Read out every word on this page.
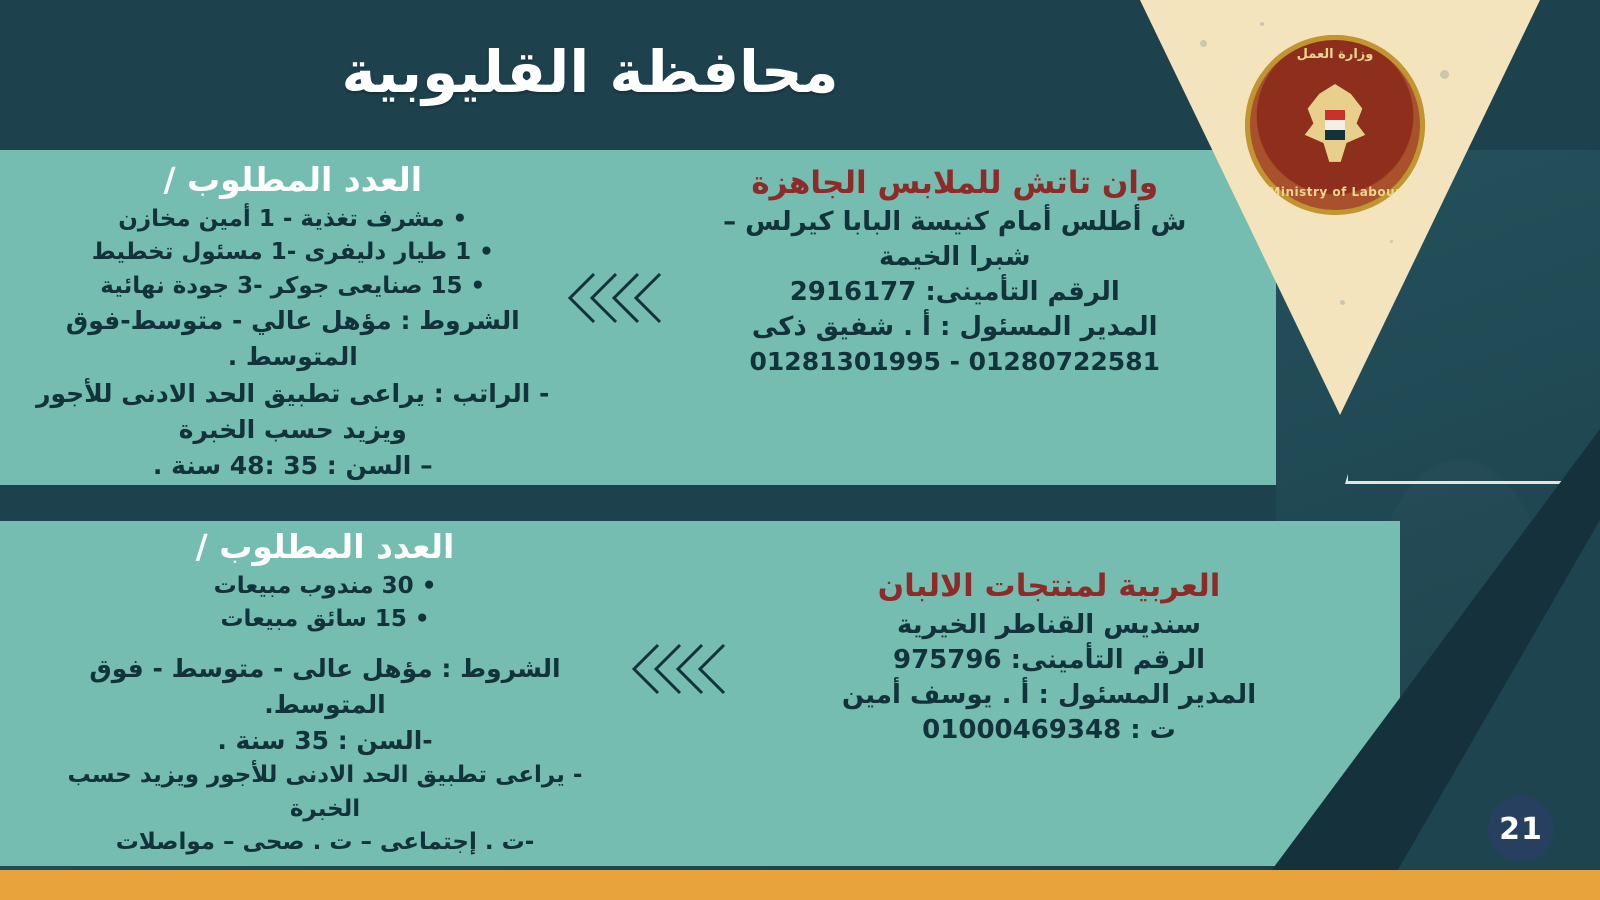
محافظة القليوبية
وان تاتش للملابس الجاهزة
ش أطلس أمام كنيسة البابا كيرلس –
شبرا الخيمة
الرقم التأمينى: 2916177
المدير المسئول : أ . شفيق ذكى
01281301995 - 01280722581
العدد المطلوب /
• مشرف تغذية - 1 أمين مخازن
• 1 طيار دليفرى -1 مسئول تخطيط
• 15 صنايعى جوكر -3 جودة نهائية
الشروط : مؤهل عالي - متوسط-فوق
المتوسط .
- الراتب : يراعى تطبيق الحد الادنى للأجور
ويزيد حسب الخبرة
– السن : 35 :48 سنة .
العربية لمنتجات الالبان
سنديس القناطر الخيرية
الرقم التأمينى: 975796
المدير المسئول : أ . يوسف أمين
ت : 01000469348
العدد المطلوب /
• 30 مندوب مبيعات
• 15 سائق مبيعات
الشروط : مؤهل عالى - متوسط - فوق المتوسط.
-السن : 35 سنة .
- يراعى تطبيق الحد الادنى للأجور ويزيد حسب الخبرة
-ت . إجتماعى – ت . صحى – مواصلات
وزارة العمل
Ministry of Labour
21
